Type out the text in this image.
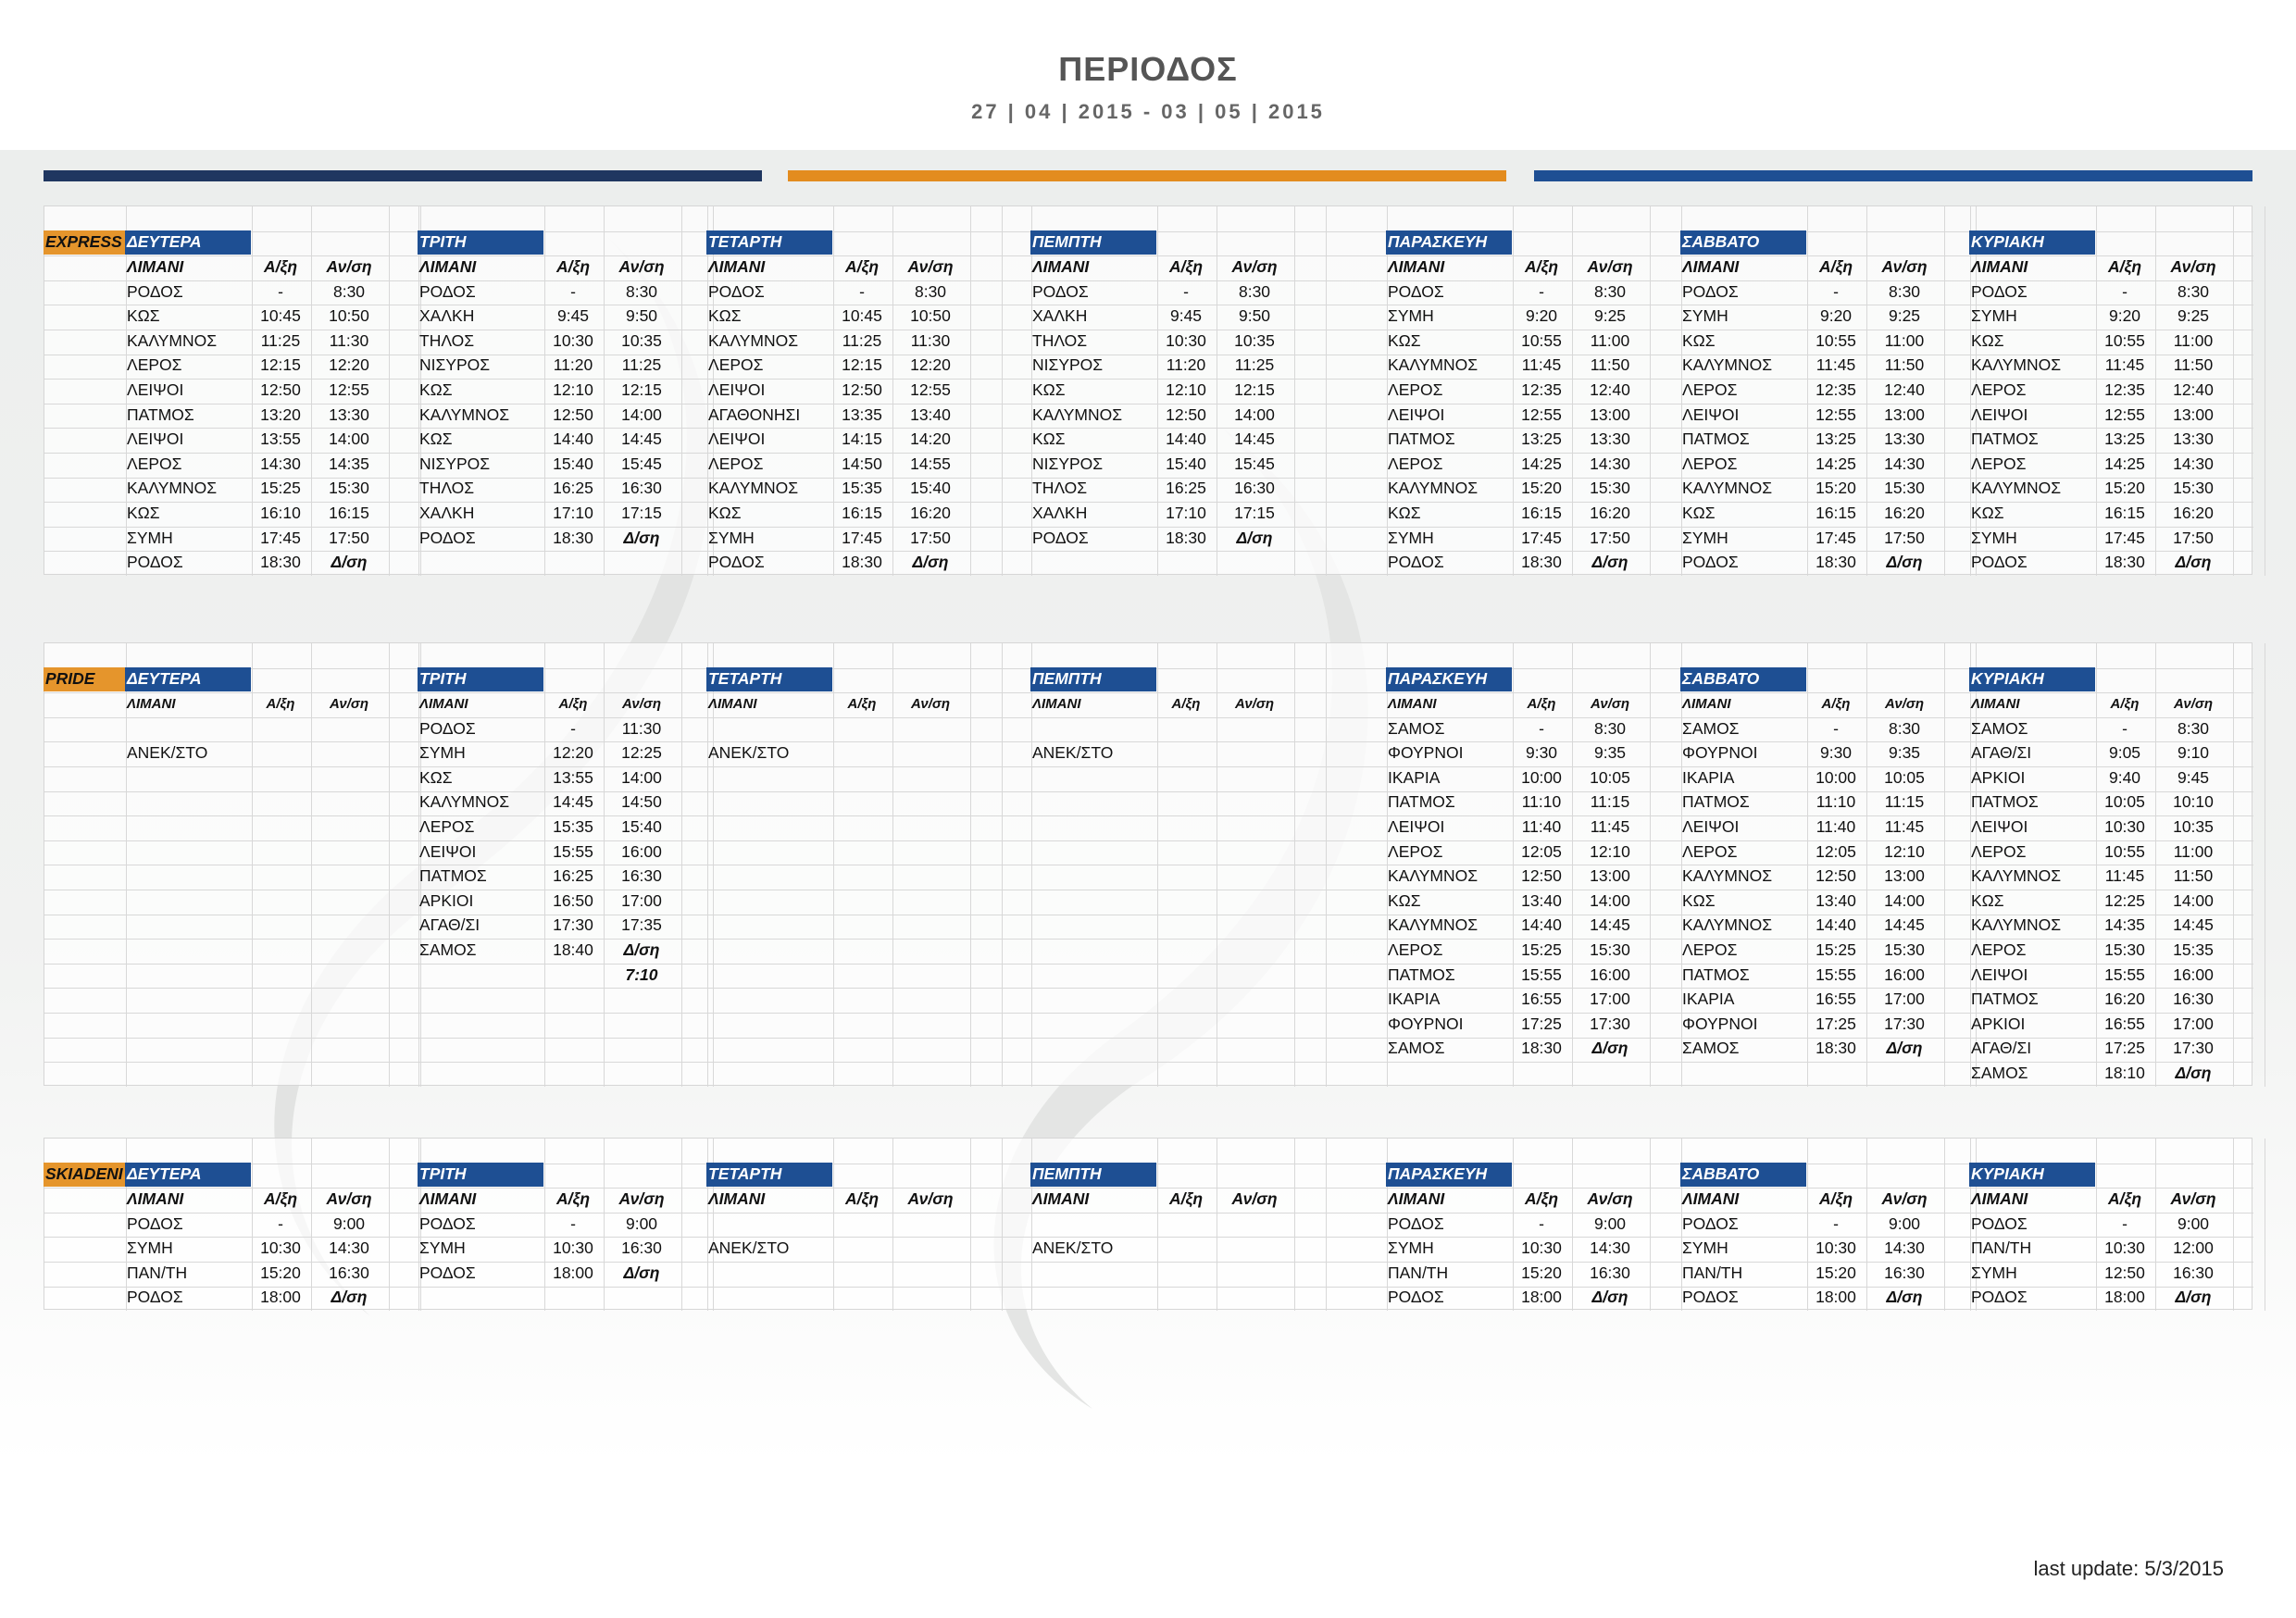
ΠΕΡΙΟΔΟΣ
27 | 04 | 2015 - 03 | 05 | 2015
EXPRESS ΔΕΥΤΕΡΑ
ΛΙΜΑΝΙ	Α/ξη	Αν/ση
ΡΟΔΟΣ	-	8:30
ΚΩΣ	10:45	10:50
ΚΑΛΥΜΝΟΣ	11:25	11:30
ΛΕΡΟΣ	12:15	12:20
ΛΕΙΨΟΙ	12:50	12:55
ΠΑΤΜΟΣ	13:20	13:30
ΛΕΙΨΟΙ	13:55	14:00
ΛΕΡΟΣ	14:30	14:35
ΚΑΛΥΜΝΟΣ	15:25	15:30
ΚΩΣ	16:10	16:15
ΣΥΜΗ	17:45	17:50
ΡΟΔΟΣ	18:30	Δ/ση
ΤΡΙΤΗ
ΛΙΜΑΝΙ	Α/ξη	Αν/ση
ΡΟΔΟΣ	-	8:30
ΧΑΛΚΗ	9:45	9:50
ΤΗΛΟΣ	10:30	10:35
ΝΙΣΥΡΟΣ	11:20	11:25
ΚΩΣ	12:10	12:15
ΚΑΛΥΜΝΟΣ	12:50	14:00
ΚΩΣ	14:40	14:45
ΝΙΣΥΡΟΣ	15:40	15:45
ΤΗΛΟΣ	16:25	16:30
ΧΑΛΚΗ	17:10	17:15
ΡΟΔΟΣ	18:30	Δ/ση
ΤΕΤΑΡΤΗ
ΛΙΜΑΝΙ	Α/ξη	Αν/ση
ΡΟΔΟΣ	-	8:30
ΚΩΣ	10:45	10:50
ΚΑΛΥΜΝΟΣ	11:25	11:30
ΛΕΡΟΣ	12:15	12:20
ΛΕΙΨΟΙ	12:50	12:55
ΑΓΑΘΟΝΗΣΙ	13:35	13:40
ΛΕΙΨΟΙ	14:15	14:20
ΛΕΡΟΣ	14:50	14:55
ΚΑΛΥΜΝΟΣ	15:35	15:40
ΚΩΣ	16:15	16:20
ΣΥΜΗ	17:45	17:50
ΡΟΔΟΣ	18:30	Δ/ση
ΠΕΜΠΤΗ
ΛΙΜΑΝΙ	Α/ξη	Αν/ση
ΡΟΔΟΣ	-	8:30
ΧΑΛΚΗ	9:45	9:50
ΤΗΛΟΣ	10:30	10:35
ΝΙΣΥΡΟΣ	11:20	11:25
ΚΩΣ	12:10	12:15
ΚΑΛΥΜΝΟΣ	12:50	14:00
ΚΩΣ	14:40	14:45
ΝΙΣΥΡΟΣ	15:40	15:45
ΤΗΛΟΣ	16:25	16:30
ΧΑΛΚΗ	17:10	17:15
ΡΟΔΟΣ	18:30	Δ/ση
ΠΑΡΑΣΚΕΥΗ
ΛΙΜΑΝΙ	Α/ξη	Αν/ση
ΡΟΔΟΣ	-	8:30
ΣΥΜΗ	9:20	9:25
ΚΩΣ	10:55	11:00
ΚΑΛΥΜΝΟΣ	11:45	11:50
ΛΕΡΟΣ	12:35	12:40
ΛΕΙΨΟΙ	12:55	13:00
ΠΑΤΜΟΣ	13:25	13:30
ΛΕΡΟΣ	14:25	14:30
ΚΑΛΥΜΝΟΣ	15:20	15:30
ΚΩΣ	16:15	16:20
ΣΥΜΗ	17:45	17:50
ΡΟΔΟΣ	18:30	Δ/ση
ΣΑΒΒΑΤΟ
ΛΙΜΑΝΙ	Α/ξη	Αν/ση
ΡΟΔΟΣ	-	8:30
ΣΥΜΗ	9:20	9:25
ΚΩΣ	10:55	11:00
ΚΑΛΥΜΝΟΣ	11:45	11:50
ΛΕΡΟΣ	12:35	12:40
ΛΕΙΨΟΙ	12:55	13:00
ΠΑΤΜΟΣ	13:25	13:30
ΛΕΡΟΣ	14:25	14:30
ΚΑΛΥΜΝΟΣ	15:20	15:30
ΚΩΣ	16:15	16:20
ΣΥΜΗ	17:45	17:50
ΡΟΔΟΣ	18:30	Δ/ση
ΚΥΡΙΑΚΗ
ΛΙΜΑΝΙ	Α/ξη	Αν/ση
ΡΟΔΟΣ	-	8:30
ΣΥΜΗ	9:20	9:25
ΚΩΣ	10:55	11:00
ΚΑΛΥΜΝΟΣ	11:45	11:50
ΛΕΡΟΣ	12:35	12:40
ΛΕΙΨΟΙ	12:55	13:00
ΠΑΤΜΟΣ	13:25	13:30
ΛΕΡΟΣ	14:25	14:30
ΚΑΛΥΜΝΟΣ	15:20	15:30
ΚΩΣ	16:15	16:20
ΣΥΜΗ	17:45	17:50
ΡΟΔΟΣ	18:30	Δ/ση
PRIDE	ΔΕΥΤΕΡΑ
ΛΙΜΑΝΙ	Α/ξη	Αν/ση
ΑΝΕΚ/ΣΤΟ
ΤΡΙΤΗ
ΛΙΜΑΝΙ	Α/ξη	Αν/ση
ΡΟΔΟΣ	-	11:30
ΣΥΜΗ	12:20	12:25
ΚΩΣ	13:55	14:00
ΚΑΛΥΜΝΟΣ	14:45	14:50
ΛΕΡΟΣ	15:35	15:40
ΛΕΙΨΟΙ	15:55	16:00
ΠΑΤΜΟΣ	16:25	16:30
ΑΡΚΙΟΙ	16:50	17:00
ΑΓΑΘ/ΣΙ	17:30	17:35
ΣΑΜΟΣ	18:40	Δ/ση
7:10
ΤΕΤΑΡΤΗ
ΛΙΜΑΝΙ	Α/ξη	Αν/ση
ΑΝΕΚ/ΣΤΟ
ΠΕΜΠΤΗ
ΛΙΜΑΝΙ	Α/ξη	Αν/ση
ΑΝΕΚ/ΣΤΟ
ΠΑΡΑΣΚΕΥΗ
ΛΙΜΑΝΙ	Α/ξη	Αν/ση
ΣΑΜΟΣ	-	8:30
ΦΟΥΡΝΟΙ	9:30	9:35
ΙΚΑΡΙΑ	10:00	10:05
ΠΑΤΜΟΣ	11:10	11:15
ΛΕΙΨΟΙ	11:40	11:45
ΛΕΡΟΣ	12:05	12:10
ΚΑΛΥΜΝΟΣ	12:50	13:00
ΚΩΣ	13:40	14:00
ΚΑΛΥΜΝΟΣ	14:40	14:45
ΛΕΡΟΣ	15:25	15:30
ΠΑΤΜΟΣ	15:55	16:00
ΙΚΑΡΙΑ	16:55	17:00
ΦΟΥΡΝΟΙ	17:25	17:30
ΣΑΜΟΣ	18:30	Δ/ση
ΣΑΒΒΑΤΟ
ΛΙΜΑΝΙ	Α/ξη	Αν/ση
ΣΑΜΟΣ	-	8:30
ΦΟΥΡΝΟΙ	9:30	9:35
ΙΚΑΡΙΑ	10:00	10:05
ΠΑΤΜΟΣ	11:10	11:15
ΛΕΙΨΟΙ	11:40	11:45
ΛΕΡΟΣ	12:05	12:10
ΚΑΛΥΜΝΟΣ	12:50	13:00
ΚΩΣ	13:40	14:00
ΚΑΛΥΜΝΟΣ	14:40	14:45
ΛΕΡΟΣ	15:25	15:30
ΠΑΤΜΟΣ	15:55	16:00
ΙΚΑΡΙΑ	16:55	17:00
ΦΟΥΡΝΟΙ	17:25	17:30
ΣΑΜΟΣ	18:30	Δ/ση
ΚΥΡΙΑΚΗ
ΛΙΜΑΝΙ	Α/ξη	Αν/ση
ΣΑΜΟΣ	-	8:30
ΑΓΑΘ/ΣΙ	9:05	9:10
ΑΡΚΙΟΙ	9:40	9:45
ΠΑΤΜΟΣ	10:05	10:10
ΛΕΙΨΟΙ	10:30	10:35
ΛΕΡΟΣ	10:55	11:00
ΚΑΛΥΜΝΟΣ	11:45	11:50
ΚΩΣ	12:25	14:00
ΚΑΛΥΜΝΟΣ	14:35	14:45
ΛΕΡΟΣ	15:30	15:35
ΛΕΙΨΟΙ	15:55	16:00
ΠΑΤΜΟΣ	16:20	16:30
ΑΡΚΙΟΙ	16:55	17:00
ΑΓΑΘ/ΣΙ	17:25	17:30
ΣΑΜΟΣ	18:10	Δ/ση
SKIADENI ΔΕΥΤΕΡΑ
ΛΙΜΑΝΙ	Α/ξη	Αν/ση
ΡΟΔΟΣ	-	9:00
ΣΥΜΗ	10:30	14:30
ΠΑΝ/ΤΗ	15:20	16:30
ΡΟΔΟΣ	18:00	Δ/ση
ΤΡΙΤΗ
ΛΙΜΑΝΙ	Α/ξη	Αν/ση
ΡΟΔΟΣ	-	9:00
ΣΥΜΗ	10:30	16:30
ΡΟΔΟΣ	18:00	Δ/ση
ΤΕΤΑΡΤΗ
ΛΙΜΑΝΙ	Α/ξη	Αν/ση
ΑΝΕΚ/ΣΤΟ
ΠΕΜΠΤΗ
ΛΙΜΑΝΙ	Α/ξη	Αν/ση
ΑΝΕΚ/ΣΤΟ
ΠΑΡΑΣΚΕΥΗ
ΛΙΜΑΝΙ	Α/ξη	Αν/ση
ΡΟΔΟΣ	-	9:00
ΣΥΜΗ	10:30	14:30
ΠΑΝ/ΤΗ	15:20	16:30
ΡΟΔΟΣ	18:00	Δ/ση
ΣΑΒΒΑΤΟ
ΛΙΜΑΝΙ	Α/ξη	Αν/ση
ΡΟΔΟΣ	-	9:00
ΣΥΜΗ	10:30	14:30
ΠΑΝ/ΤΗ	15:20	16:30
ΡΟΔΟΣ	18:00	Δ/ση
ΚΥΡΙΑΚΗ
ΛΙΜΑΝΙ	Α/ξη	Αν/ση
ΡΟΔΟΣ	-	9:00
ΠΑΝ/ΤΗ	10:30	12:00
ΣΥΜΗ	12:50	16:30
ΡΟΔΟΣ	18:00	Δ/ση
last update: 5/3/2015
